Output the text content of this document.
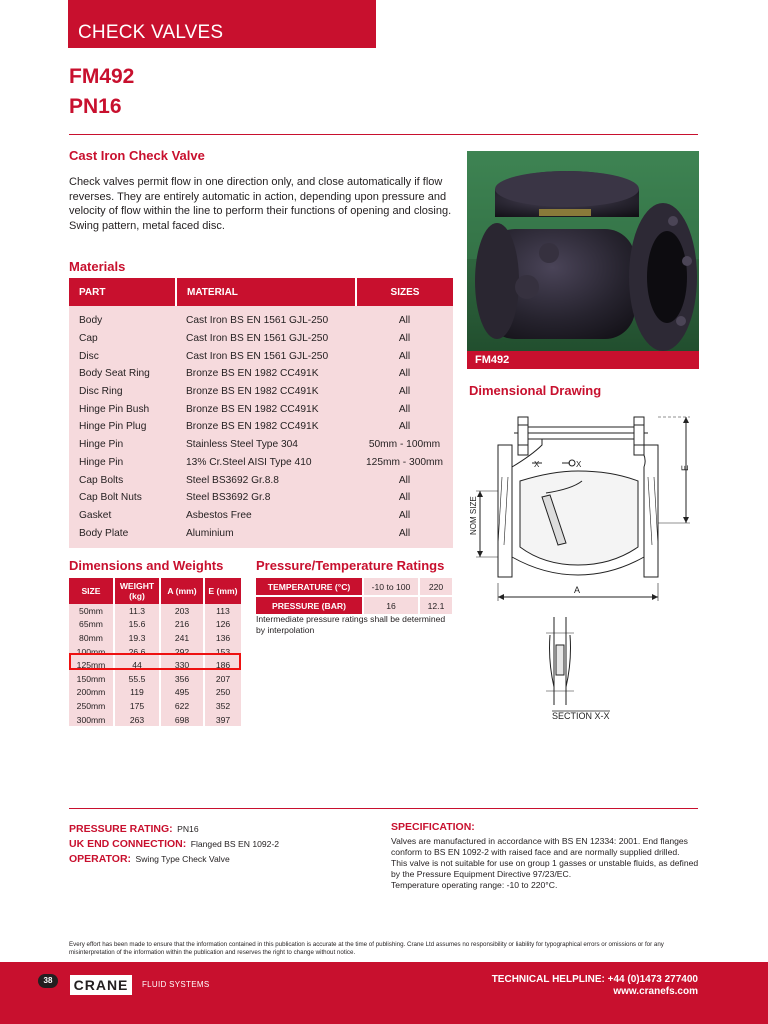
CHECK VALVES
FM492
PN16
Cast Iron Check Valve

Check valves permit flow in one direction only, and close automatically if flow reverses. They are entirely automatic in action, depending upon pressure and velocity of flow within the line to perform their functions of opening and closing.

Swing pattern, metal faced disc.

Materials
PART	MATERIAL	SIZES
Body	Cast Iron BS EN 1561 GJL-250	All
Cap	Cast Iron BS EN 1561 GJL-250	All
Disc	Cast Iron BS EN 1561 GJL-250	All
Body Seat Ring	Bronze BS EN 1982 CC491K	All
Disc Ring	Bronze BS EN 1982 CC491K	All
Hinge Pin Bush	Bronze BS EN 1982 CC491K	All
Hinge Pin Plug	Bronze BS EN 1982 CC491K	All
Hinge Pin	Stainless Steel Type 304	50mm - 100mm
Hinge Pin	13% Cr.Steel AISI Type 410	125mm - 300mm
Cap Bolts	Steel BS3692 Gr.8.8	All
Cap Bolt Nuts	Steel BS3692 Gr.8	All
Gasket	Asbestos Free	All
Body Plate	Aluminium	All
Dimensions and Weights
SIZE	WEIGHT (kg)	A (mm)	E (mm)
50mm	11.3	203	113
65mm	15.6	216	126
80mm	19.3	241	136
100mm	26.6	292	153
125mm	44	330	186
150mm	55.5	356	207
200mm	119	495	250
250mm	175	622	352
300mm	263	698	397
Pressure/Temperature Ratings
TEMPERATURE (°C)	-10 to 100	220
PRESSURE (BAR)	16	12.1
Intermediate pressure ratings shall be determined by interpolation
FM492
Dimensional Drawing
A
E
NOM SIZE
X	X
SECTION X-X
PRESSURE RATING: PN16
UK END CONNECTION: Flanged BS EN 1092-2
OPERATOR: Swing Type Check Valve
SPECIFICATION:

Valves are manufactured in accordance with BS EN 12334: 2001. End flanges conform to BS EN 1092-2 with raised face and are normally supplied drilled.

This valve is not suitable for use on group 1 gasses or unstable fluids, as defined by the Pressure Equipment Directive 97/23/EC.

Temperature operating range: -10 to 220°C.

Every effort has been made to ensure that the information contained in this publication is accurate at the time of publishing. Crane Ltd assumes no responsibility or liability for typographical errors or omissions or for any misinterpretation of the information within the publication and reserves the right to change without notice.
38	CRANE	FLUID SYSTEMS	TECHNICAL HELPLINE: +44 (0)1473 277400
www.cranefs.com
